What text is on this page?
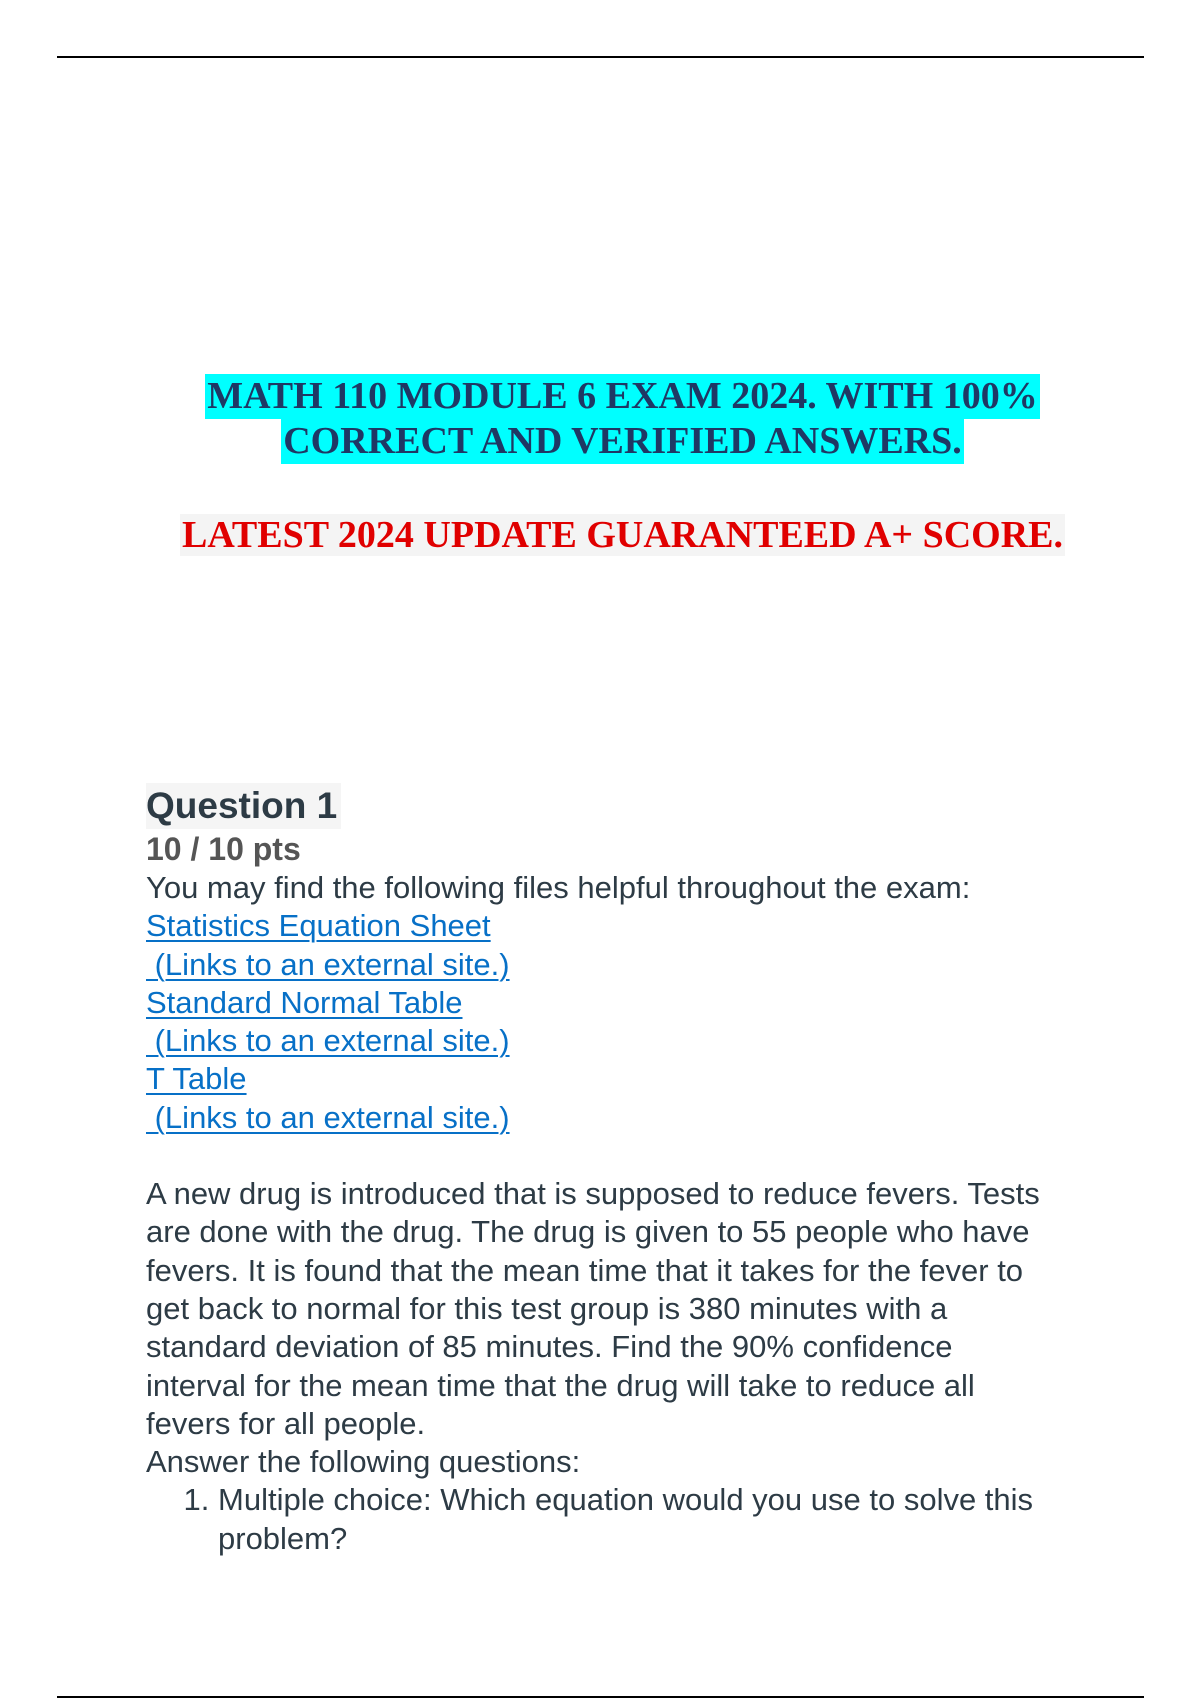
MATH 110 MODULE 6 EXAM 2024. WITH 100%
CORRECT AND VERIFIED ANSWERS.
LATEST 2024 UPDATE GUARANTEED A+ SCORE.
Question 1
10 / 10 pts
You may find the following files helpful throughout the exam:
Statistics Equation Sheet
(Links to an external site.)
Standard Normal Table
(Links to an external site.)
T Table
(Links to an external site.)
A new drug is introduced that is supposed to reduce fevers. Tests
are done with the drug. The drug is given to 55 people who have
fevers. It is found that the mean time that it takes for the fever to
get back to normal for this test group is 380 minutes with a
standard deviation of 85 minutes. Find the 90% confidence
interval for the mean time that the drug will take to reduce all
fevers for all people.
Answer the following questions:
1. Multiple choice: Which equation would you use to solve this
problem?
